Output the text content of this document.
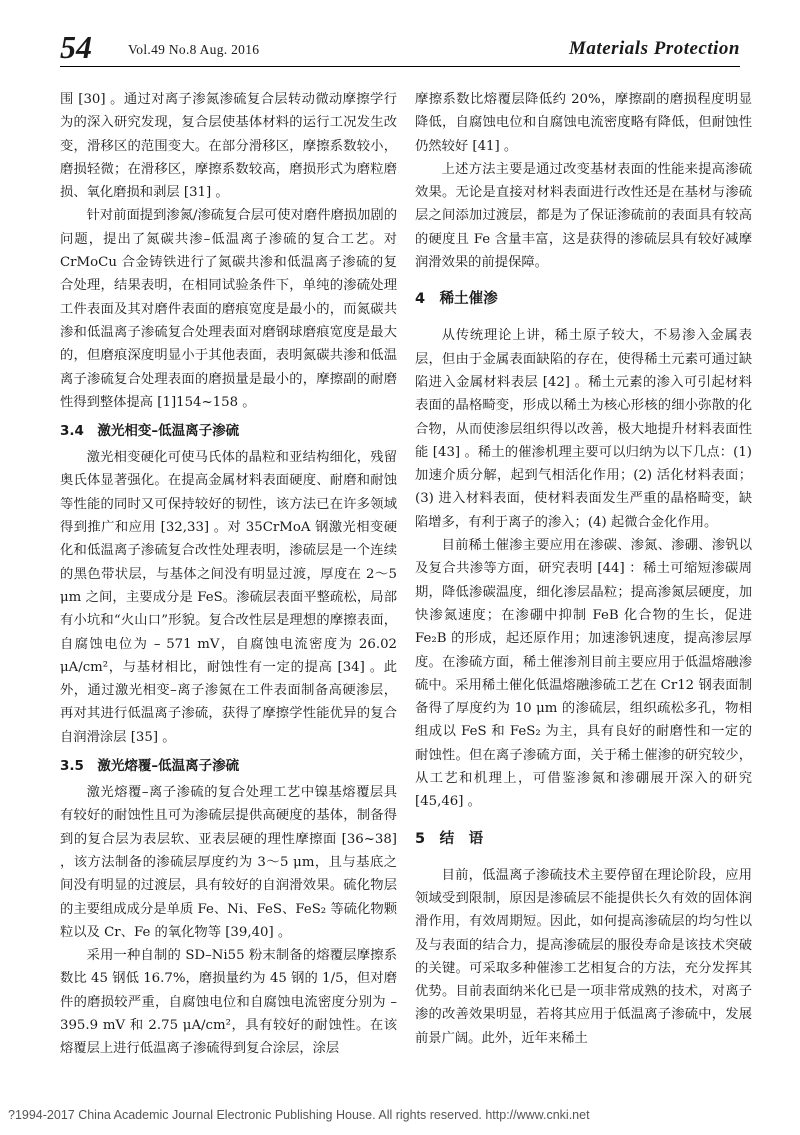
54	Vol.49 No.8 Aug. 2016	Materials Protection

围 [30] 。通过对离子渗氮渗硫复合层转动微动摩擦学行为的深入研究发现，复合层使基体材料的运行工况发生改变，滑移区的范围变大。在部分滑移区，摩擦系数较小，磨损轻微；在滑移区，摩擦系数较高，磨损形式为磨粒磨损、氧化磨损和剥层 [31] 。

针对前面提到渗氮/渗硫复合层可使对磨件磨损加剧的问题，提出了氮碳共渗–低温离子渗硫的复合工艺。对 CrMoCu 合金铸铁进行了氮碳共渗和低温离子渗硫的复合处理，结果表明，在相同试验条件下，单纯的渗硫处理工件表面及其对磨件表面的磨痕宽度是最小的，而氮碳共渗和低温离子渗硫复合处理表面对磨钢球磨痕宽度是最大的，但磨痕深度明显小于其他表面，表明氮碳共渗和低温离子渗硫复合处理表面的磨损量是最小的，摩擦副的耐磨性得到整体提高 [1]154~158 。

3.4　激光相变–低温离子渗硫

激光相变硬化可使马氏体的晶粒和亚结构细化，残留奥氏体显著强化。在提高金属材料表面硬度、耐磨和耐蚀等性能的同时又可保持较好的韧性，该方法已在许多领域得到推广和应用 [32,33] 。对 35CrMoA 钢激光相变硬化和低温离子渗硫复合改性处理表明，渗硫层是一个连续的黑色带状层，与基体之间没有明显过渡，厚度在 2～5 μm 之间，主要成分是 FeS。渗硫层表面平整疏松，局部有小坑和“火山口”形貌。复合改性层是理想的摩擦表面，自腐蚀电位为 – 571 mV，自腐蚀电流密度为 26.02 μA/cm²，与基材相比，耐蚀性有一定的提高 [34] 。此外，通过激光相变–离子渗氮在工件表面制备高硬渗层，再对其进行低温离子渗硫，获得了摩擦学性能优异的复合自润滑涂层 [35] 。

3.5　激光熔覆–低温离子渗硫

激光熔覆–离子渗硫的复合处理工艺中镍基熔覆层具有较好的耐蚀性且可为渗硫层提供高硬度的基体，制备得到的复合层为表层软、亚表层硬的理性摩擦面 [36~38] ，该方法制备的渗硫层厚度约为 3～5 μm，且与基底之间没有明显的过渡层，具有较好的自润滑效果。硫化物层的主要组成成分是单质 Fe、Ni、FeS、FeS₂ 等硫化物颗粒以及 Cr、Fe 的氧化物等 [39,40] 。

采用一种自制的 SD–Ni55 粉末制备的熔覆层摩擦系数比 45 钢低 16.7%，磨损量约为 45 钢的 1/5，但对磨件的磨损较严重，自腐蚀电位和自腐蚀电流密度分别为 – 395.9 mV 和 2.75 μA/cm²，具有较好的耐蚀性。在该熔覆层上进行低温离子渗硫得到复合涂层，涂层

摩擦系数比熔覆层降低约 20%，摩擦副的磨损程度明显降低，自腐蚀电位和自腐蚀电流密度略有降低，但耐蚀性仍然较好 [41] 。

上述方法主要是通过改变基材表面的性能来提高渗硫效果。无论是直接对材料表面进行改性还是在基材与渗硫层之间添加过渡层，都是为了保证渗硫前的表面具有较高的硬度且 Fe 含量丰富，这是获得的渗硫层具有较好减摩润滑效果的前提保障。

4　稀土催渗

从传统理论上讲，稀土原子较大，不易渗入金属表层，但由于金属表面缺陷的存在，使得稀土元素可通过缺陷进入金属材料表层 [42] 。稀土元素的渗入可引起材料表面的晶格畸变，形成以稀土为核心形核的细小弥散的化合物，从而使渗层组织得以改善，极大地提升材料表面性能 [43] 。稀土的催渗机理主要可以归纳为以下几点：(1) 加速介质分解，起到气相活化作用；(2) 活化材料表面；(3) 进入材料表面，使材料表面发生严重的晶格畸变，缺陷增多，有利于离子的渗入；(4) 起微合金化作用。

目前稀土催渗主要应用在渗碳、渗氮、渗硼、渗钒以及复合共渗等方面，研究表明 [44] ：稀土可缩短渗碳周期，降低渗碳温度，细化渗层晶粒；提高渗氮层硬度，加快渗氮速度；在渗硼中抑制 FeB 化合物的生长，促进 Fe₂B 的形成，起还原作用；加速渗钒速度，提高渗层厚度。在渗硫方面，稀土催渗剂目前主要应用于低温熔融渗硫中。采用稀土催化低温熔融渗硫工艺在 Cr12 钢表面制备得了厚度约为 10 μm 的渗硫层，组织疏松多孔，物相组成以 FeS 和 FeS₂ 为主，具有良好的耐磨性和一定的耐蚀性。但在离子渗硫方面，关于稀土催渗的研究较少，从工艺和机理上，可借鉴渗氮和渗硼展开深入的研究 [45,46] 。

5　结　语

目前，低温离子渗硫技术主要停留在理论阶段，应用领域受到限制，原因是渗硫层不能提供长久有效的固体润滑作用，有效周期短。因此，如何提高渗硫层的均匀性以及与表面的结合力，提高渗硫层的服役寿命是该技术突破的关键。可采取多种催渗工艺相复合的方法，充分发挥其优势。目前表面纳米化已是一项非常成熟的技术，对离子渗的改善效果明显，若将其应用于低温离子渗硫中，发展前景广阔。此外，近年来稀土

?1994-2017 China Academic Journal Electronic Publishing House. All rights reserved. http://www.cnki.net
